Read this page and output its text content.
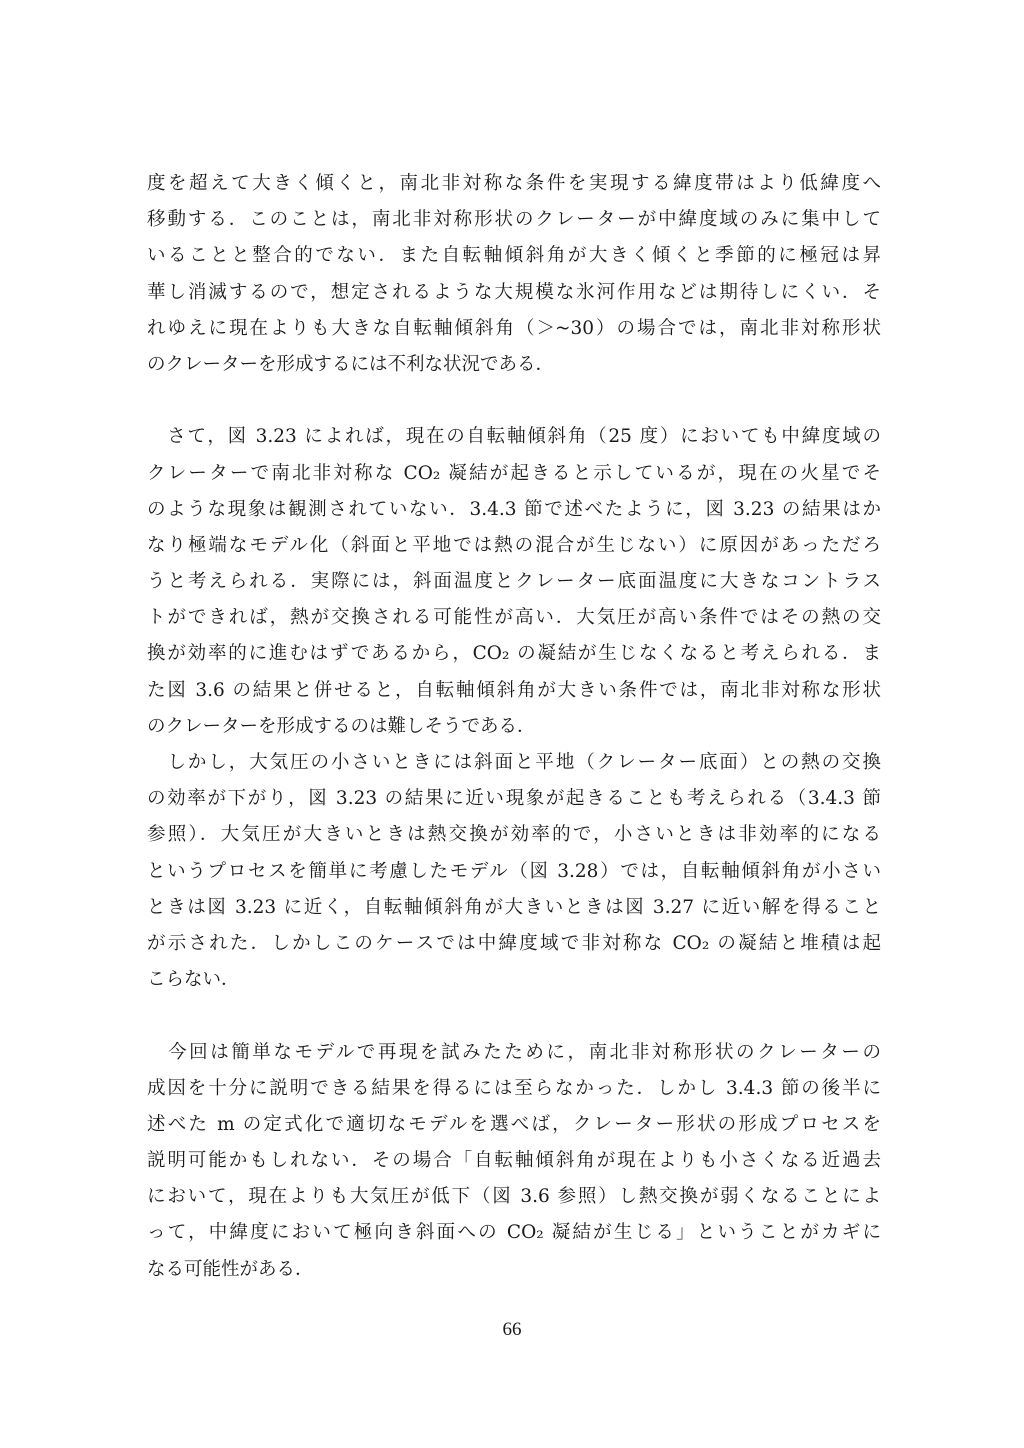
度を超えて大きく傾くと，南北非対称な条件を実現する緯度帯はより低緯度へ
移動する．このことは，南北非対称形状のクレーターが中緯度域のみに集中して
いることと整合的でない．また自転軸傾斜角が大きく傾くと季節的に極冠は昇
華し消滅するので，想定されるような大規模な氷河作用などは期待しにくい．そ
れゆえに現在よりも大きな自転軸傾斜角（＞~30）の場合では，南北非対称形状
のクレーターを形成するには不利な状況である．
　さて，図 3.23 によれば，現在の自転軸傾斜角（25 度）においても中緯度域の
クレーターで南北非対称な CO₂ 凝結が起きると示しているが，現在の火星でそ
のような現象は観測されていない．3.4.3 節で述べたように，図 3.23 の結果はか
なり極端なモデル化（斜面と平地では熱の混合が生じない）に原因があっただろ
うと考えられる．実際には，斜面温度とクレーター底面温度に大きなコントラス
トができれば，熱が交換される可能性が高い．大気圧が高い条件ではその熱の交
換が効率的に進むはずであるから，CO₂ の凝結が生じなくなると考えられる．ま
た図 3.6 の結果と併せると，自転軸傾斜角が大きい条件では，南北非対称な形状
のクレーターを形成するのは難しそうである．
　しかし，大気圧の小さいときには斜面と平地（クレーター底面）との熱の交換
の効率が下がり，図 3.23 の結果に近い現象が起きることも考えられる（3.4.3 節
参照）．大気圧が大きいときは熱交換が効率的で，小さいときは非効率的になる
というプロセスを簡単に考慮したモデル（図 3.28）では，自転軸傾斜角が小さい
ときは図 3.23 に近く，自転軸傾斜角が大きいときは図 3.27 に近い解を得ること
が示された．しかしこのケースでは中緯度域で非対称な CO₂ の凝結と堆積は起
こらない．
　今回は簡単なモデルで再現を試みたために，南北非対称形状のクレーターの
成因を十分に説明できる結果を得るには至らなかった．しかし 3.4.3 節の後半に
述べた m の定式化で適切なモデルを選べば，クレーター形状の形成プロセスを
説明可能かもしれない．その場合「自転軸傾斜角が現在よりも小さくなる近過去
において，現在よりも大気圧が低下（図 3.6 参照）し熱交換が弱くなることによ
って，中緯度において極向き斜面への CO₂ 凝結が生じる」ということがカギに
なる可能性がある．
66
